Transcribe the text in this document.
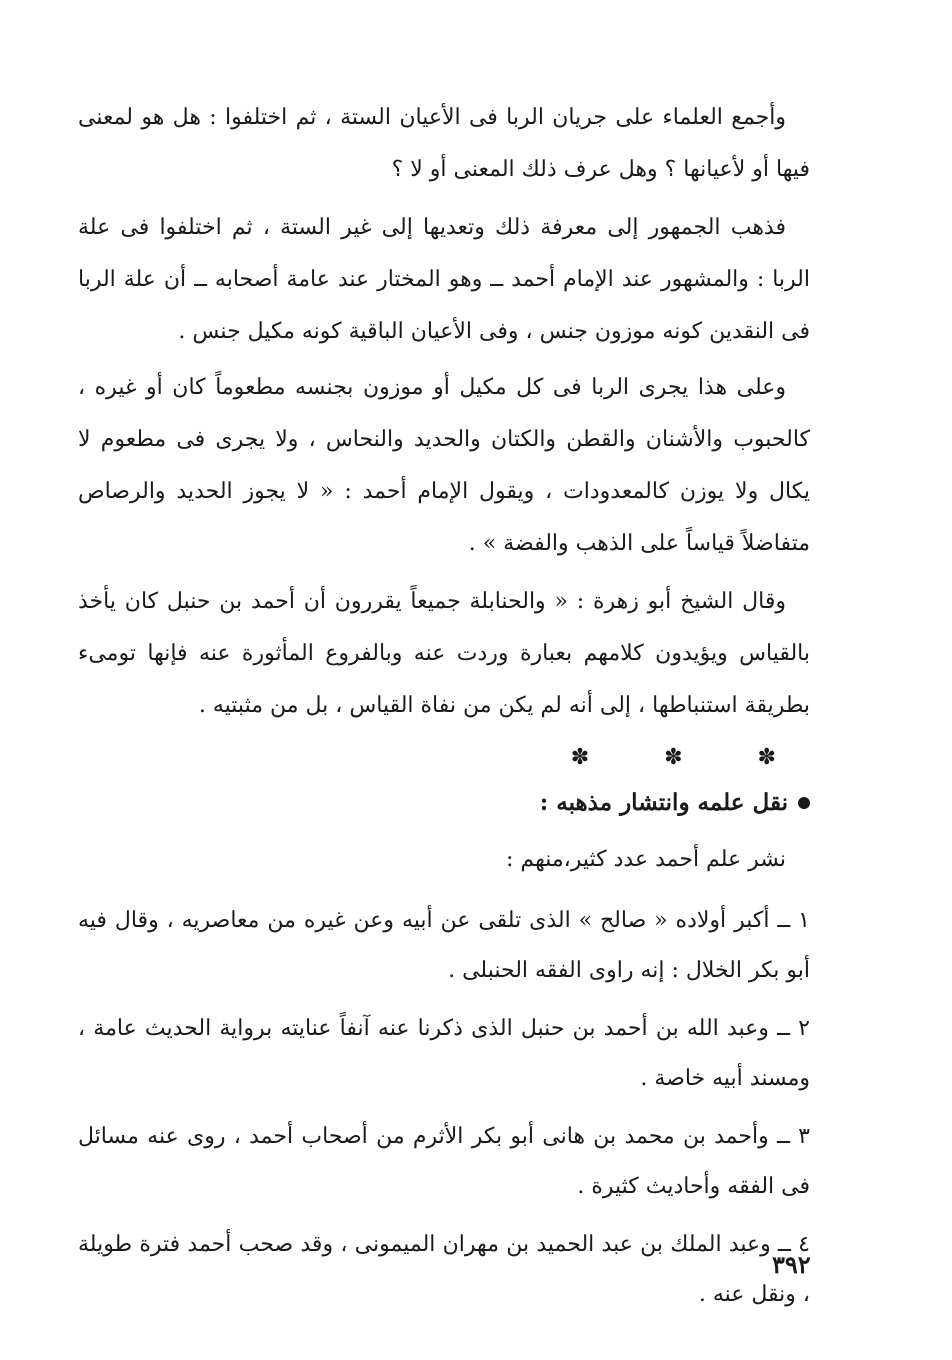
وأجمع العلماء على جريان الربا فى الأعيان الستة ، ثم اختلفوا : هل هو لمعنى فيها أو لأعيانها ؟ وهل عرف ذلك المعنى أو لا ؟

فذهب الجمهور إلى معرفة ذلك وتعديها إلى غير الستة ، ثم اختلفوا فى علة الربا : والمشهور عند الإمام أحمد ــ وهو المختار عند عامة أصحابه ــ أن علة الربا فى النقدين كونه موزون جنس ، وفى الأعيان الباقية كونه مكيل جنس .

وعلى هذا يجرى الربا فى كل مكيل أو موزون بجنسه مطعوماً كان أو غيره ، كالحبوب والأشنان والقطن والكتان والحديد والنحاس ، ولا يجرى فى مطعوم لا يكال ولا يوزن كالمعدودات ، ويقول الإمام أحمد : « لا يجوز الحديد والرصاص متفاضلاً قياساً على الذهب والفضة » .

وقال الشيخ أبو زهرة : « والحنابلة جميعاً يقررون أن أحمد بن حنبل كان يأخذ بالقياس ويؤيدون كلامهم بعبارة وردت عنه وبالفروع المأثورة عنه فإنها تومىء بطريقة استنباطها ، إلى أنه لم يكن من نفاة القياس ، بل من مثبتيه .

✽ ✽ ✽
نقل علمه وانتشار مذهبه :

نشر علم أحمد عدد كثير،منهم :

١ ــ أكبر أولاده « صالح » الذى تلقى عن أبيه وعن غيره من معاصريه ، وقال فيه أبو بكر الخلال : إنه راوى الفقه الحنبلى .

٢ ــ وعبد الله بن أحمد بن حنبل الذى ذكرنا عنه آنفاً عنايته برواية الحديث عامة ، ومسند أبيه خاصة .

٣ ــ وأحمد بن محمد بن هانى أبو بكر الأثرم من أصحاب أحمد ، روى عنه مسائل فى الفقه وأحاديث كثيرة .

٤ ــ وعبد الملك بن عبد الحميد بن مهران الميمونى ، وقد صحب أحمد فترة طويلة ، ونقل عنه .

٣٩٢
